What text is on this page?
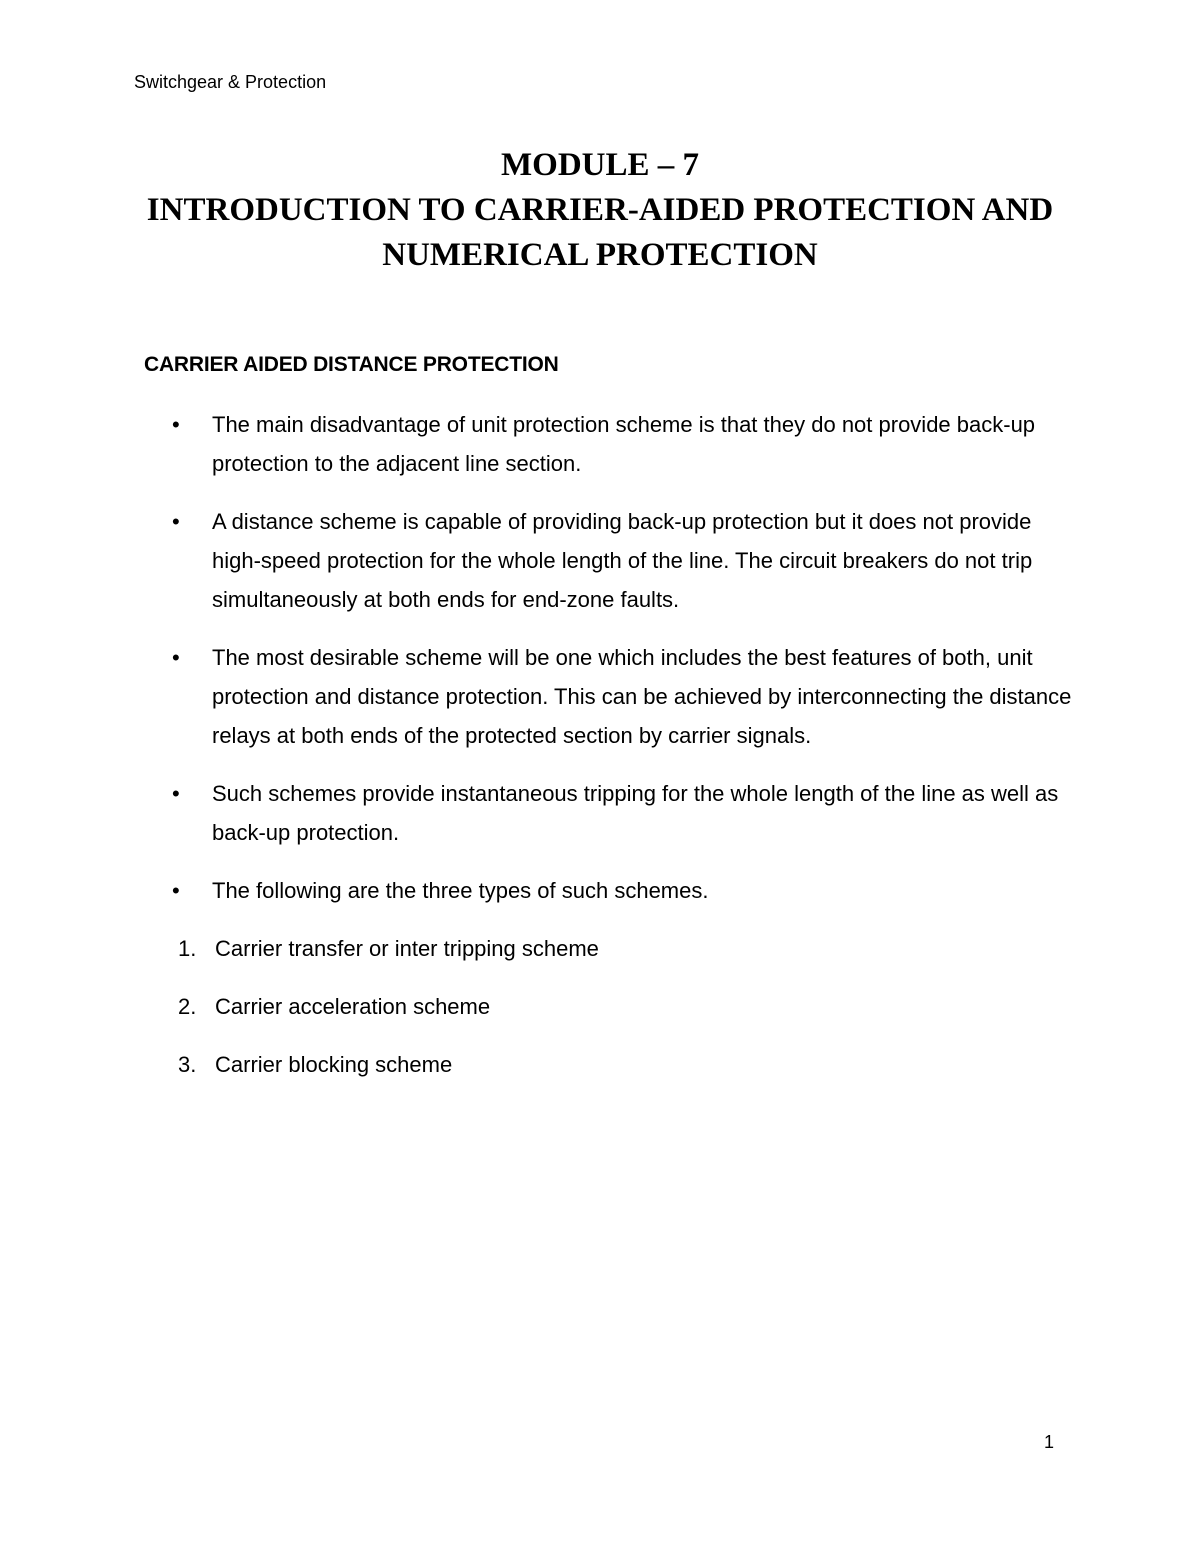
Switchgear & Protection
MODULE – 7
INTRODUCTION TO CARRIER-AIDED PROTECTION AND
NUMERICAL PROTECTION
CARRIER AIDED DISTANCE PROTECTION
• The main disadvantage of unit protection scheme is that they do not provide back-up protection to the adjacent line section.
• A distance scheme is capable of providing back-up protection but it does not provide high-speed protection for the whole length of the line. The circuit breakers do not trip simultaneously at both ends for end-zone faults.
• The most desirable scheme will be one which includes the best features of both, unit protection and distance protection. This can be achieved by interconnecting the distance relays at both ends of the protected section by carrier signals.
• Such schemes provide instantaneous tripping for the whole length of the line as well as back-up protection.
• The following are the three types of such schemes.
1. Carrier transfer or inter tripping scheme
2. Carrier acceleration scheme
3. Carrier blocking scheme
1
